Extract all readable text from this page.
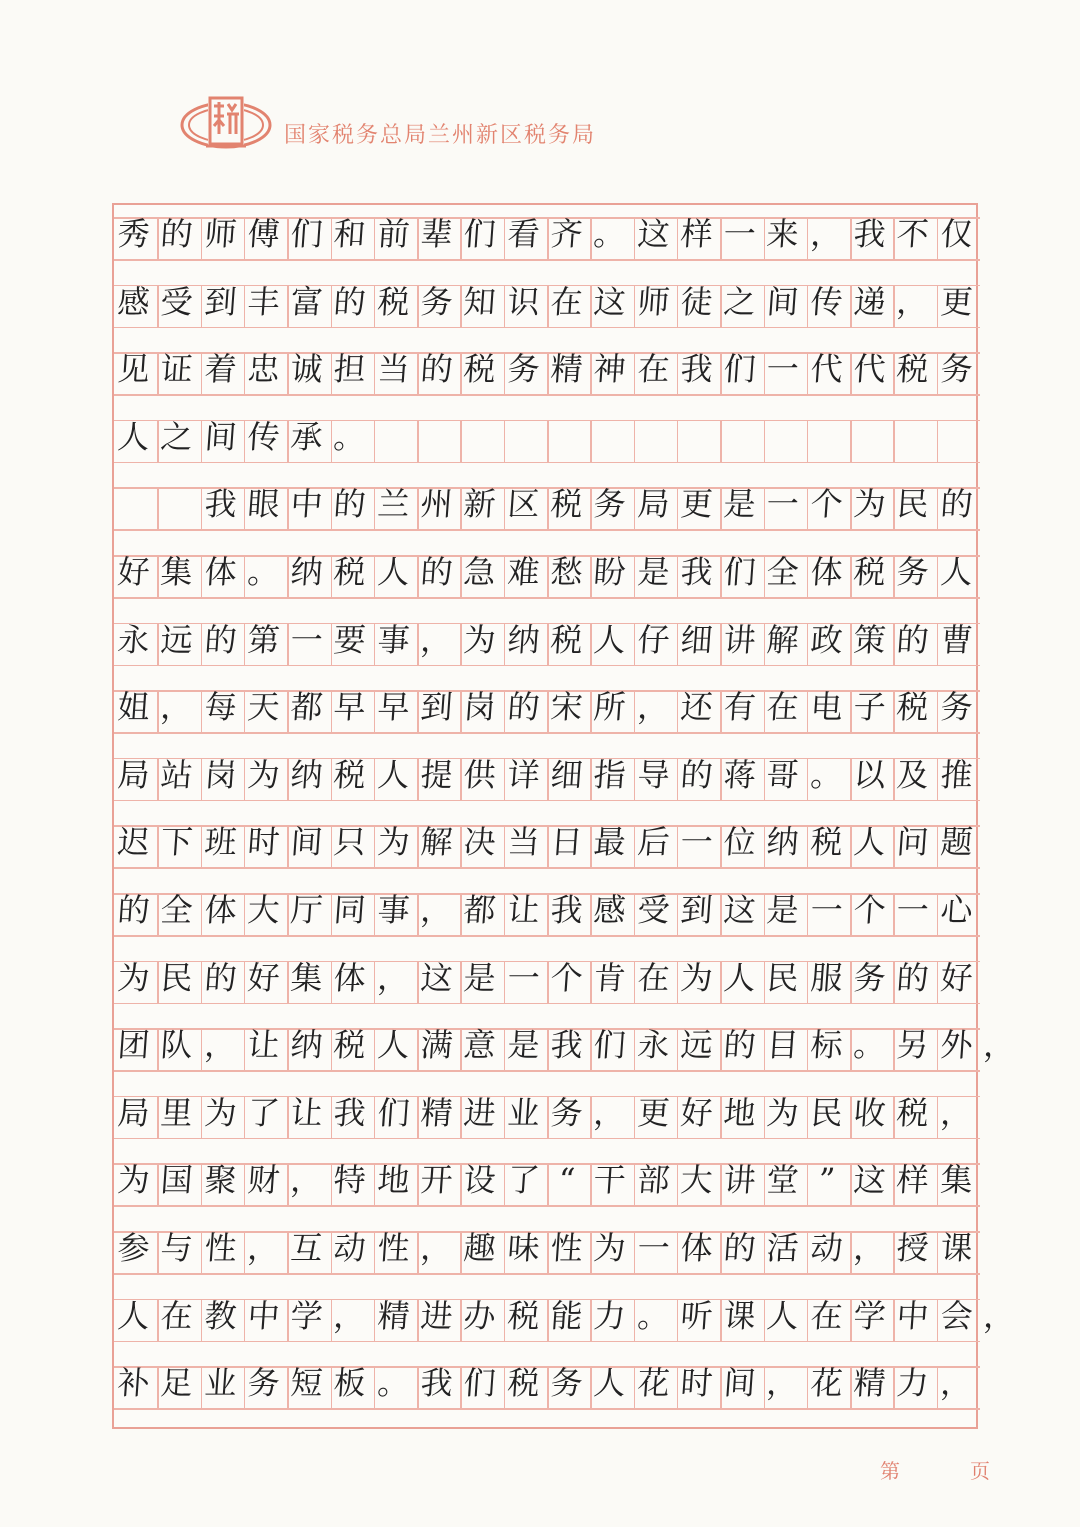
国家税务总局兰州新区税务局
秀 的 师 傅 们 和 前 辈 们 看 齐 。 这 样 一 来 ， 我 不 仅
感 受 到 丰 富 的 税 务 知 识 在 这 师 徒 之 间 传 递 ， 更
见 证 着 忠 诚 担 当 的 税 务 精 神 在 我 们 一 代 代 税 务
人 之 间 传 承 。
我 眼 中 的 兰 州 新 区 税 务 局 更 是 一 个 为 民 的
好 集 体 。 纳 税 人 的 急 难 愁 盼 是 我 们 全 体 税 务 人
永 远 的 第 一 要 事 ， 为 纳 税 人 仔 细 讲 解 政 策 的 曹
姐 ， 每 天 都 早 早 到 岗 的 宋 所 ， 还 有 在 电 子 税 务
局 站 岗 为 纳 税 人 提 供 详 细 指 导 的 蒋 哥 。 以 及 推
迟 下 班 时 间 只 为 解 决 当 日 最 后 一 位 纳 税 人 问 题
的 全 体 大 厅 同 事 ， 都 让 我 感 受 到 这 是 一 个 一 心
为 民 的 好 集 体 ， 这 是 一 个 肯 在 为 人 民 服 务 的 好
团 队 ， 让 纳 税 人 满 意 是 我 们 永 远 的 目 标 。 另 外 ，
局 里 为 了 让 我 们 精 进 业 务 ， 更 好 地 为 民 收 税 ，
为 国 聚 财 ， 特 地 开 设 了 “ 干 部 大 讲 堂 ” 这 样 集
参 与 性 ， 互 动 性 ， 趣 味 性 为 一 体 的 活 动 ， 授 课
人 在 教 中 学 ， 精 进 办 税 能 力 。 听 课 人 在 学 中 会 ，
补 足 业 务 短 板 。 我 们 税 务 人 花 时 间 ， 花 精 力 ，
第	页
